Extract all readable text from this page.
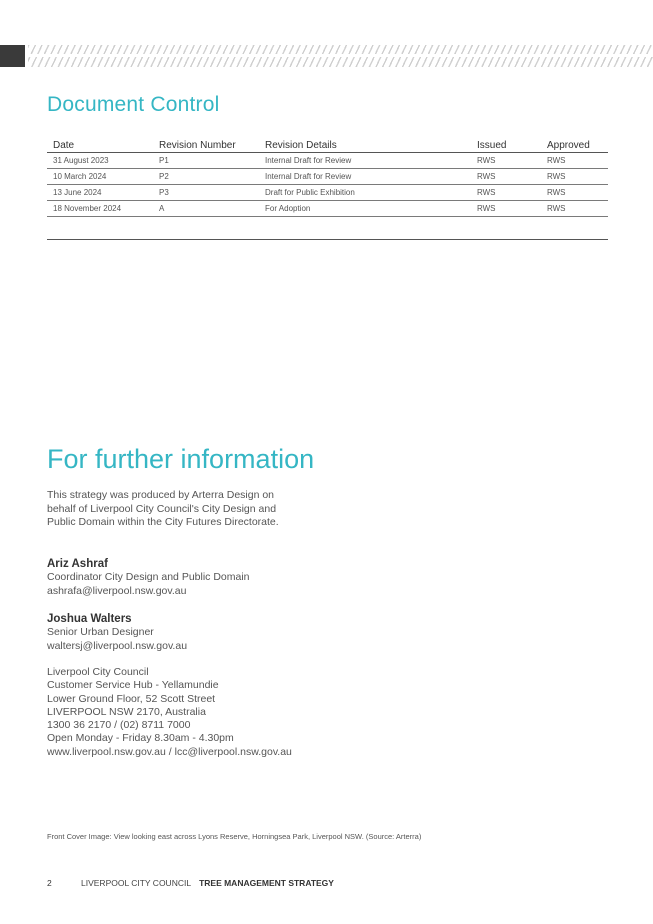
Document Control
Date	Revision Number	Revision Details	Issued	Approved
31 August 2023	P1	Internal Draft for Review	RWS	RWS
10 March 2024	P2	Internal Draft for Review	RWS	RWS
13 June 2024	P3	Draft for Public Exhibition	RWS	RWS
18 November 2024	A	For Adoption	RWS	RWS

For further information

This strategy was produced by Arterra Design on
behalf of Liverpool City Council's City Design and
Public Domain within the City Futures Directorate.

Ariz Ashraf
Coordinator City Design and Public Domain
ashrafa@liverpool.nsw.gov.au
Joshua Walters
Senior Urban Designer
waltersj@liverpool.nsw.gov.au
Liverpool City Council
Customer Service Hub - Yellamundie
Lower Ground Floor, 52 Scott Street
LIVERPOOL NSW 2170, Australia
1300 36 2170 / (02) 8711 7000
Open Monday - Friday 8.30am - 4.30pm
www.liverpool.nsw.gov.au / lcc@liverpool.nsw.gov.au
Front Cover Image: View looking east across Lyons Reserve, Horningsea Park, Liverpool NSW. (Source: Arterra)
2	LIVERPOOL CITY COUNCIL TREE MANAGEMENT STRATEGY
